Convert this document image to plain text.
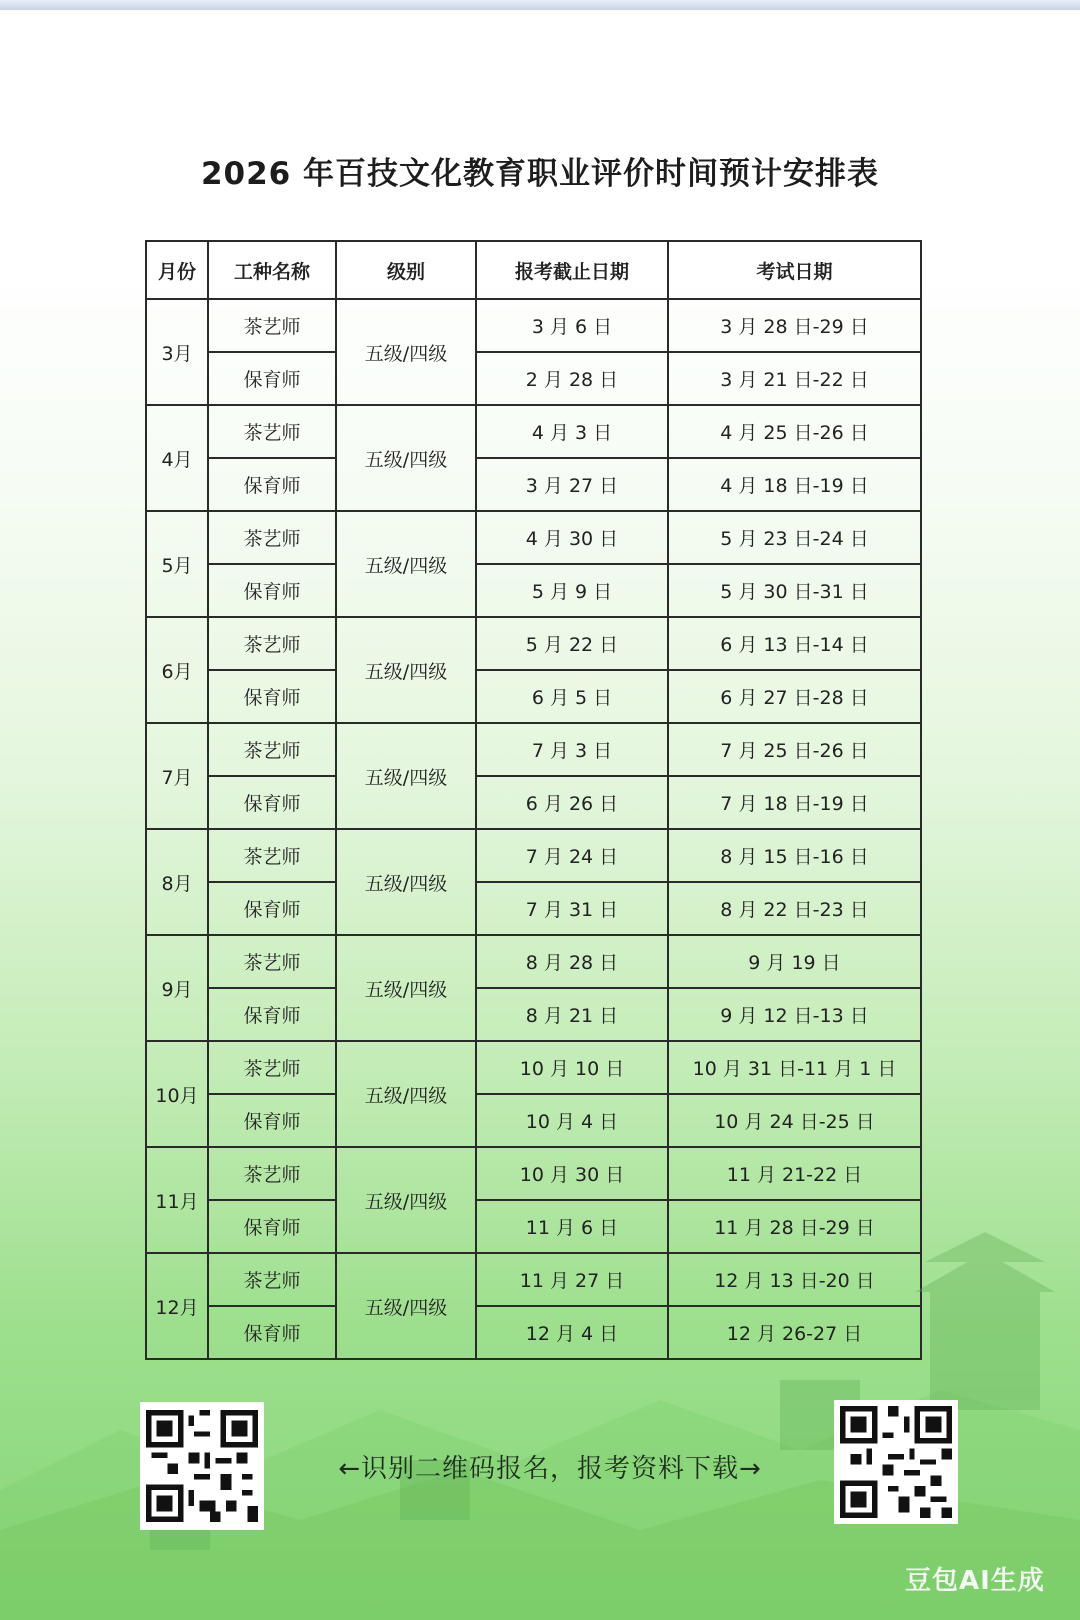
2026 年百技文化教育职业评价时间预计安排表
月份	工种名称	级别	报考截止日期	考试日期
3月	茶艺师	五级/四级	3 月 6 日	3 月 28 日-29 日
	保育师		2 月 28 日	3 月 21 日-22 日
4月	茶艺师	五级/四级	4 月 3 日	4 月 25 日-26 日
	保育师		3 月 27 日	4 月 18 日-19 日
5月	茶艺师	五级/四级	4 月 30 日	5 月 23 日-24 日
	保育师		5 月 9 日	5 月 30 日-31 日
6月	茶艺师	五级/四级	5 月 22 日	6 月 13 日-14 日
	保育师		6 月 5 日	6 月 27 日-28 日
7月	茶艺师	五级/四级	7 月 3 日	7 月 25 日-26 日
	保育师		6 月 26 日	7 月 18 日-19 日
8月	茶艺师	五级/四级	7 月 24 日	8 月 15 日-16 日
	保育师		7 月 31 日	8 月 22 日-23 日
9月	茶艺师	五级/四级	8 月 28 日	9 月 19 日
	保育师		8 月 21 日	9 月 12 日-13 日
10月	茶艺师	五级/四级	10 月 10 日	10 月 31 日-11 月 1 日
	保育师		10 月 4 日	10 月 24 日-25 日
11月	茶艺师	五级/四级	10 月 30 日	11 月 21-22 日
	保育师		11 月 6 日	11 月 28 日-29 日
12月	茶艺师	五级/四级	11 月 27 日	12 月 13 日-20 日
	保育师		12 月 4 日	12 月 26-27 日
←识别二维码报名，报考资料下载→
豆包AI生成
